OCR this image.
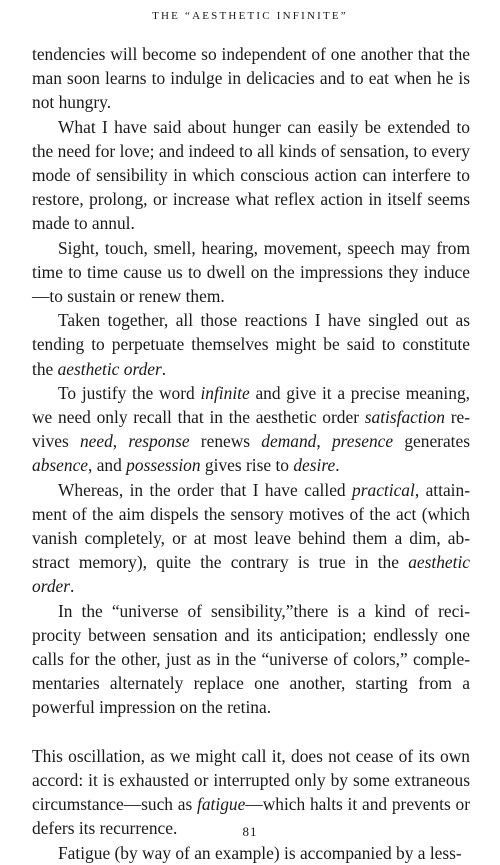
THE “AESTHETIC INFINITE”

tendencies will become so independent of one another that the man soon learns to indulge in delicacies and to eat when he is not hungry.

What I have said about hunger can easily be extended to the need for love; and indeed to all kinds of sensation, to every mode of sensibility in which conscious action can interfere to restore, prolong, or increase what reflex action in itself seems made to annul.

Sight, touch, smell, hearing, movement, speech may from time to time cause us to dwell on the impressions they induce —to sustain or renew them.

Taken together, all those reactions I have singled out as tending to perpetuate themselves might be said to constitute the aesthetic order.

To justify the word infinite and give it a precise meaning, we need only recall that in the aesthetic order satisfaction revives need, response renews demand, presence generates absence, and possession gives rise to desire.

Whereas, in the order that I have called practical, attainment of the aim dispels the sensory motives of the act (which vanish completely, or at most leave behind them a dim, abstract memory), quite the contrary is true in the aesthetic order.

In the “universe of sensibility,”there is a kind of reciprocity between sensation and its anticipation; endlessly one calls for the other, just as in the “universe of colors,” complementaries alternately replace one another, starting from a powerful impression on the retina.

This oscillation, as we might call it, does not cease of its own accord: it is exhausted or interrupted only by some extraneous circumstance—such as fatigue—which halts it and prevents or defers its recurrence.

Fatigue (by way of an example) is accompanied by a less-

81
